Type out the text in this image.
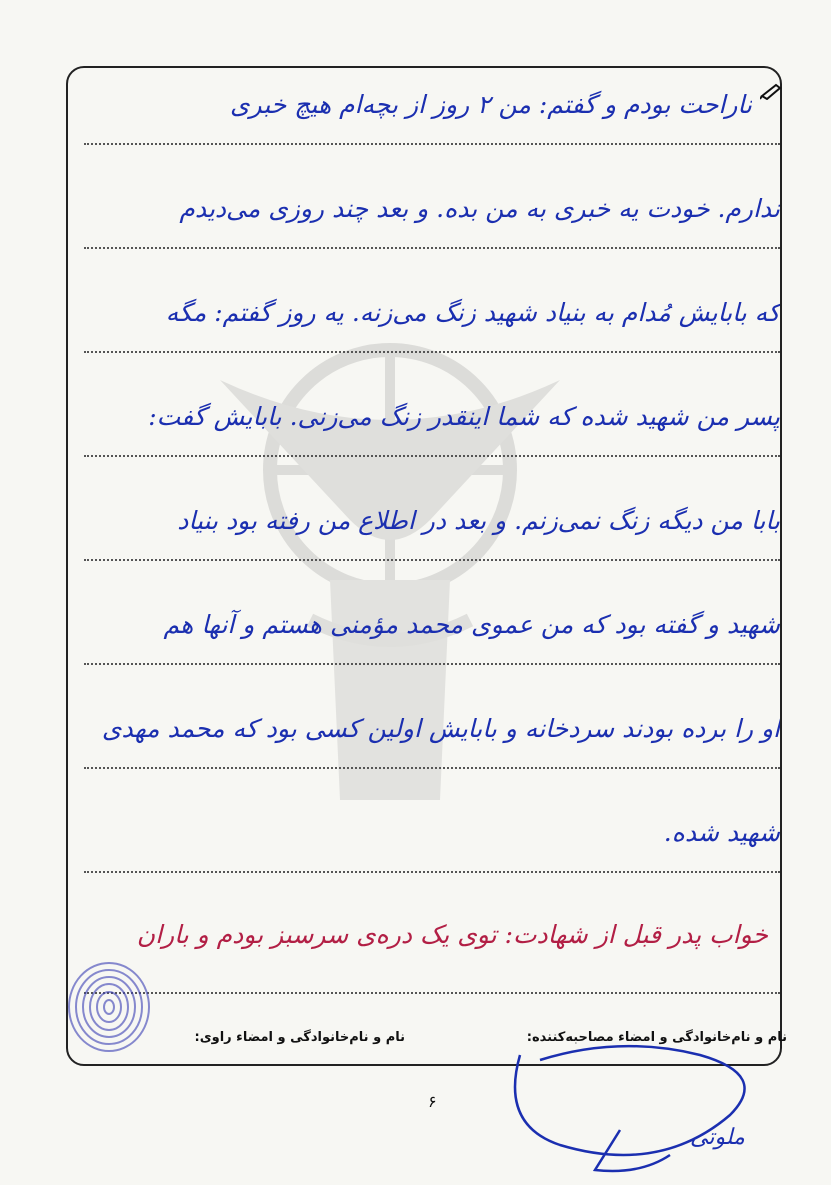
ناراحت بودم و گفتم: من ۲ روز از بچه‌ام هیچ خبری
ندارم. خودت یه خبری به من بده. و بعد چند روزی می‌دیدم
که بابایش مُدام به بنیاد شهید زنگ می‌زنه. یه روز گفتم: مگه
پسر من شهید شده که شما اینقدر زنگ می‌زنی. بابایش گفت:
بابا من دیگه زنگ نمی‌زنم. و بعد در اطلاع من رفته بود بنیاد
شهید و گفته بود که من عموی محمد مؤمنی هستم و آنها هم
او را برده بودند سردخانه و بابایش اولین کسی بود که محمد مهدی
شهید شده.
خواب پدر قبل از شهادت: توی یک دره‌ی سرسبز بودم و باران
نام و نام‌خانوادگی و امضاء مصاحبه‌کننده:
نام و نام‌خانوادگی و امضاء راوی:
۶
ملوتی
